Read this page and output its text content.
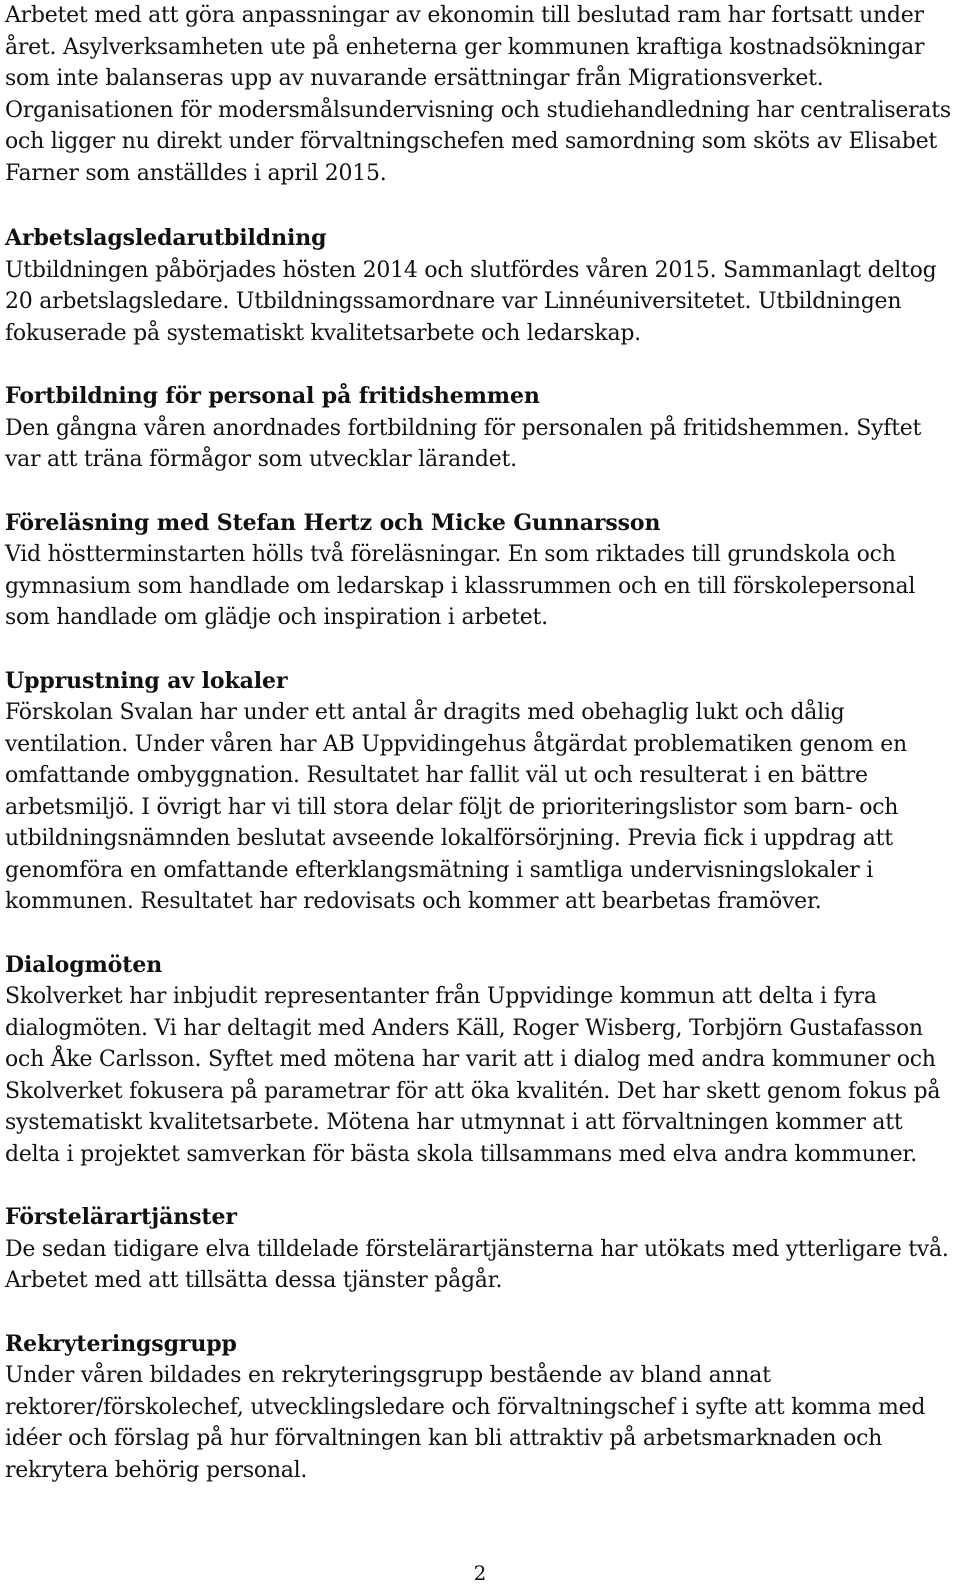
Arbetet med att göra anpassningar av ekonomin till beslutad ram har fortsatt under året. Asylverksamheten ute på enheterna ger kommunen kraftiga kostnadsökningar som inte balanseras upp av nuvarande ersättningar från Migrationsverket. Organisationen för modersmålsundervisning och studiehandledning har centraliserats och ligger nu direkt under förvaltningschefen med samordning som sköts av Elisabet Farner som anställdes i april 2015.

Arbetslagsledarutbildning

Utbildningen påbörjades hösten 2014 och slutfördes våren 2015. Sammanlagt deltog 20 arbetslagsledare. Utbildningssamordnare var Linnéuniversitetet. Utbildningen fokuserade på systematiskt kvalitetsarbete och ledarskap.

Fortbildning för personal på fritidshemmen

Den gångna våren anordnades fortbildning för personalen på fritidshemmen. Syftet var att träna förmågor som utvecklar lärandet.

Föreläsning med Stefan Hertz och Micke Gunnarsson

Vid höstterminstarten hölls två föreläsningar. En som riktades till grundskola och gymnasium som handlade om ledarskap i klassrummen och en till förskolepersonal som handlade om glädje och inspiration i arbetet.

Upprustning av lokaler

Förskolan Svalan har under ett antal år dragits med obehaglig lukt och dålig ventilation. Under våren har AB Uppvidingehus åtgärdat problematiken genom en omfattande ombyggnation. Resultatet har fallit väl ut och resulterat i en bättre arbetsmiljö. I övrigt har vi till stora delar följt de prioriteringslistor som barn- och utbildningsnämnden beslutat avseende lokalförsörjning. Previa fick i uppdrag att genomföra en omfattande efterklangsmätning i samtliga undervisningslokaler i kommunen. Resultatet har redovisats och kommer att bearbetas framöver.

Dialogmöten

Skolverket har inbjudit representanter från Uppvidinge kommun att delta i fyra dialogmöten. Vi har deltagit med Anders Käll, Roger Wisberg, Torbjörn Gustafasson och Åke Carlsson. Syftet med mötena har varit att i dialog med andra kommuner och Skolverket fokusera på parametrar för att öka kvalitén. Det har skett genom fokus på systematiskt kvalitetsarbete. Mötena har utmynnat i att förvaltningen kommer att delta i projektet samverkan för bästa skola tillsammans med elva andra kommuner.

Förstelärartjänster

De sedan tidigare elva tilldelade förstelärartjänsterna har utökats med ytterligare två. Arbetet med att tillsätta dessa tjänster pågår.

Rekryteringsgrupp

Under våren bildades en rekryteringsgrupp bestående av bland annat rektorer/förskolechef, utvecklingsledare och förvaltningschef i syfte att komma med idéer och förslag på hur förvaltningen kan bli attraktiv på arbetsmarknaden och rekrytera behörig personal.

2
